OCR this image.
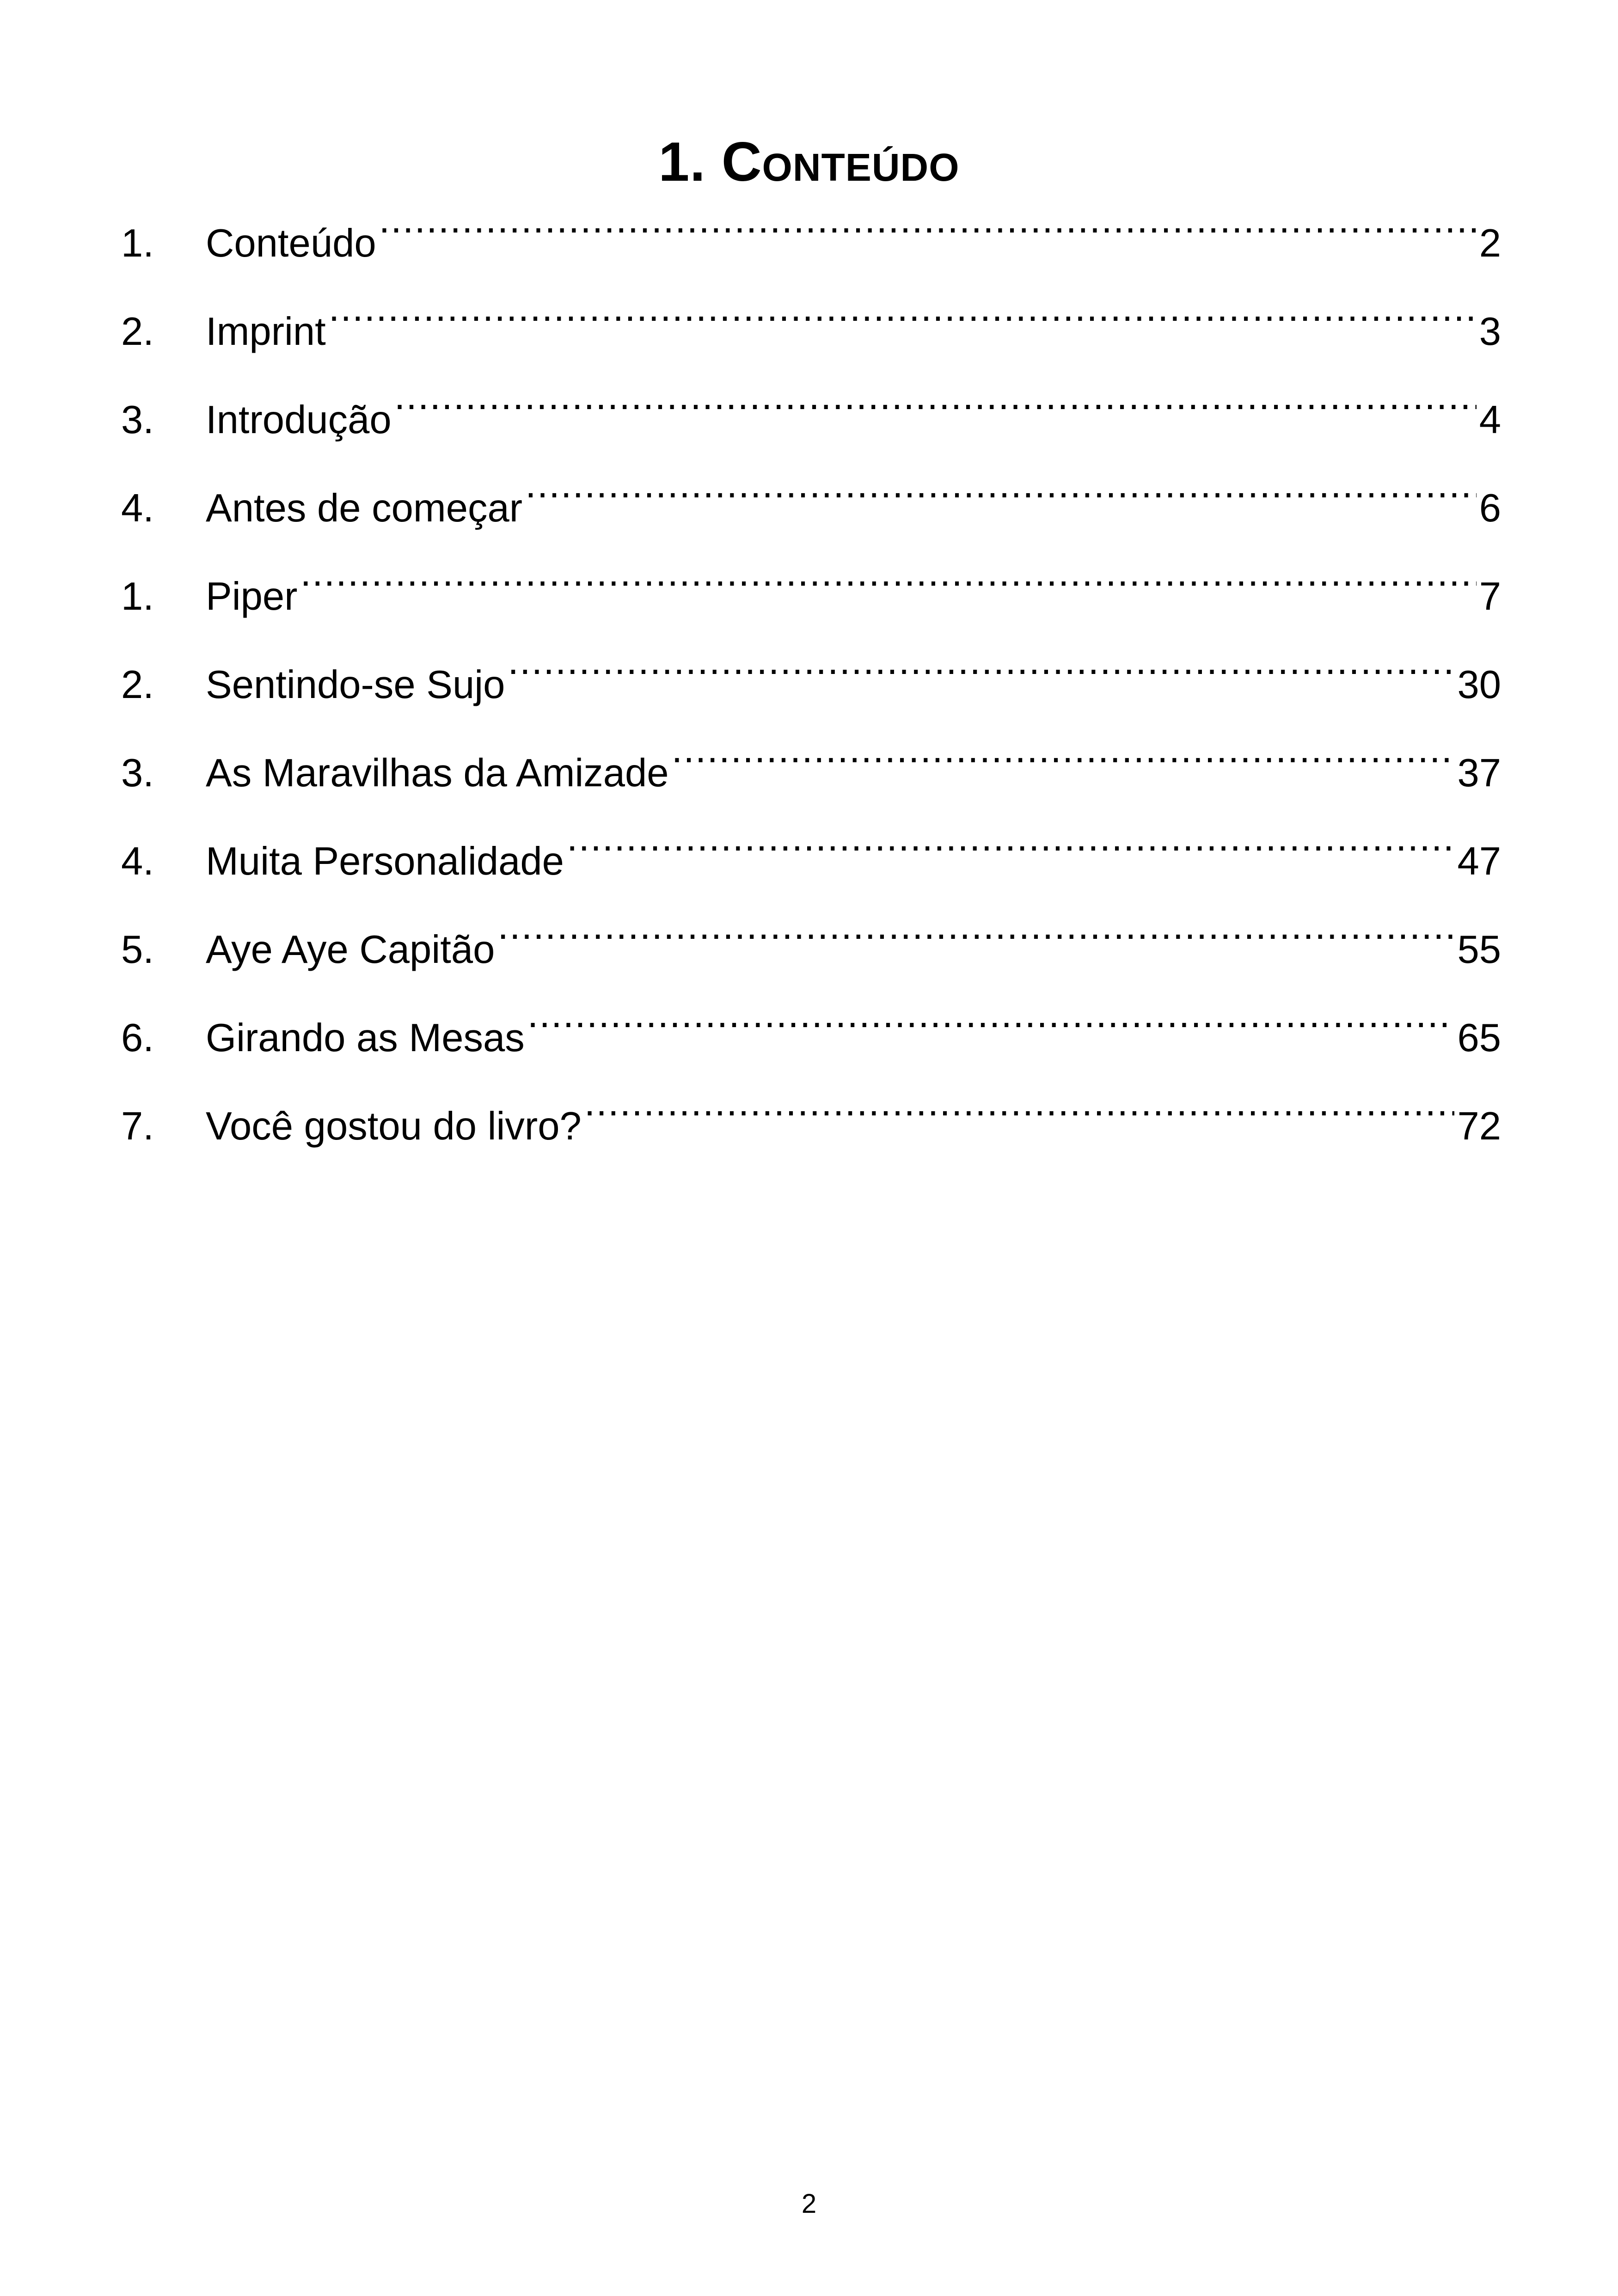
1. Conteúdo
1.	Conteúdo .....	2
2.	Imprint .....	3
3.	Introdução .....	4
4.	Antes de começar .....	6
1.	Piper .....	7
2.	Sentindo-se Sujo .....	30
3.	As Maravilhas da Amizade .....	37
4.	Muita Personalidade .....	47
5.	Aye Aye Capitão .....	55
6.	Girando as Mesas .....	65
7.	Você gostou do livro? .....	72
2
